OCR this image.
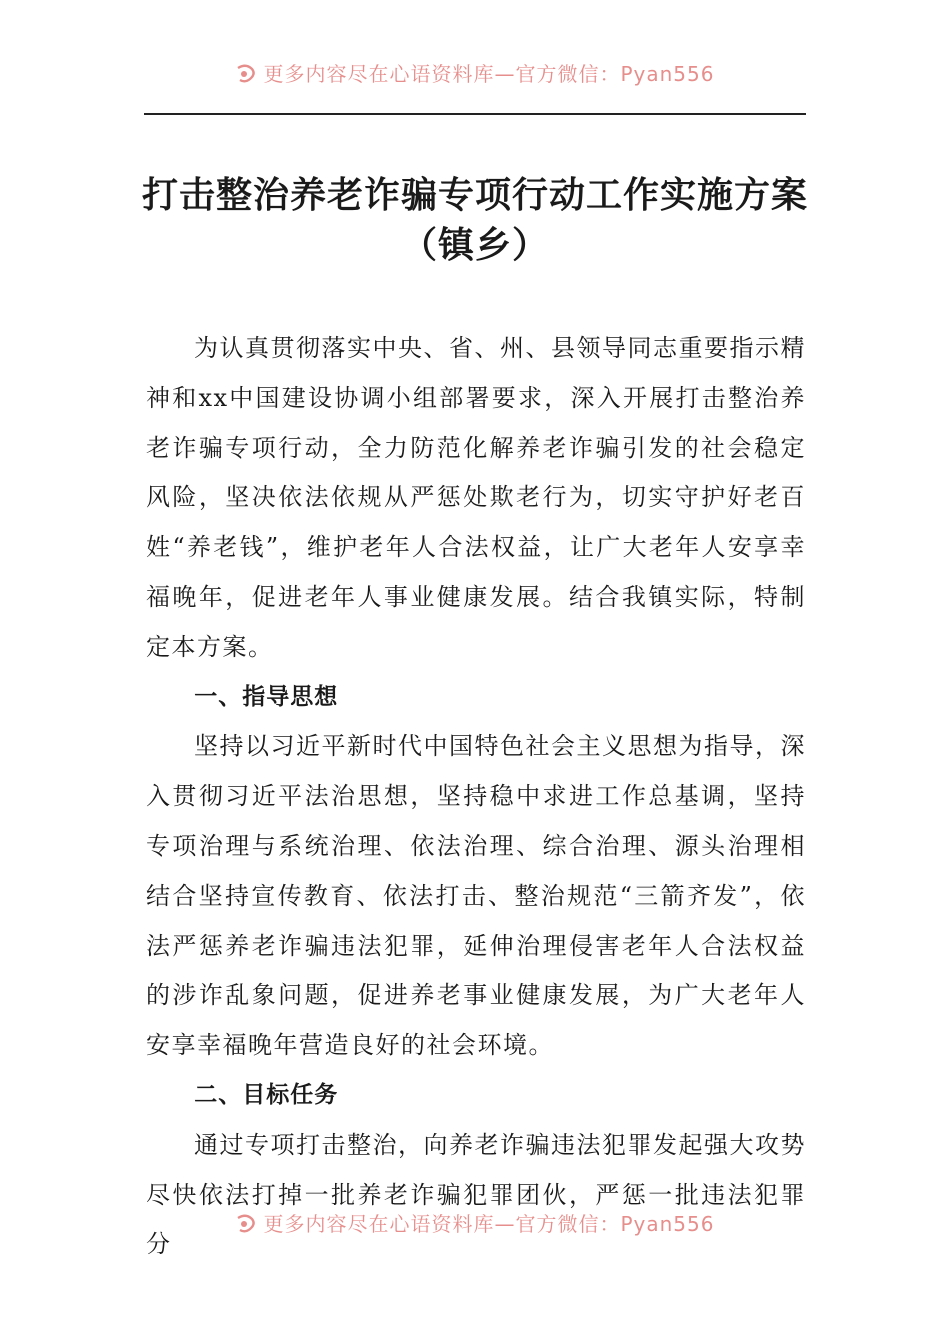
更多内容尽在心语资料库—官方微信：Pyan556
打击整治养老诈骗专项行动工作实施方案
（镇乡）

为认真贯彻落实中央、省、州、县领导同志重要指示精神和xx中国建设协调小组部署要求，深入开展打击整治养老诈骗专项行动，全力防范化解养老诈骗引发的社会稳定风险，坚决依法依规从严惩处欺老行为，切实守护好老百姓“养老钱”，维护老年人合法权益，让广大老年人安享幸福晚年，促进老年人事业健康发展。结合我镇实际，特制定本方案。

一、指导思想

坚持以习近平新时代中国特色社会主义思想为指导，深入贯彻习近平法治思想，坚持稳中求进工作总基调，坚持专项治理与系统治理、依法治理、综合治理、源头治理相结合坚持宣传教育、依法打击、整治规范“三箭齐发”，依法严惩养老诈骗违法犯罪，延伸治理侵害老年人合法权益的涉诈乱象问题，促进养老事业健康发展，为广大老年人安享幸福晚年营造良好的社会环境。

二、目标任务

通过专项打击整治，向养老诈骗违法犯罪发起强大攻势尽快依法打掉一批养老诈骗犯罪团伙，严惩一批违法犯罪分

更多内容尽在心语资料库—官方微信：Pyan556
